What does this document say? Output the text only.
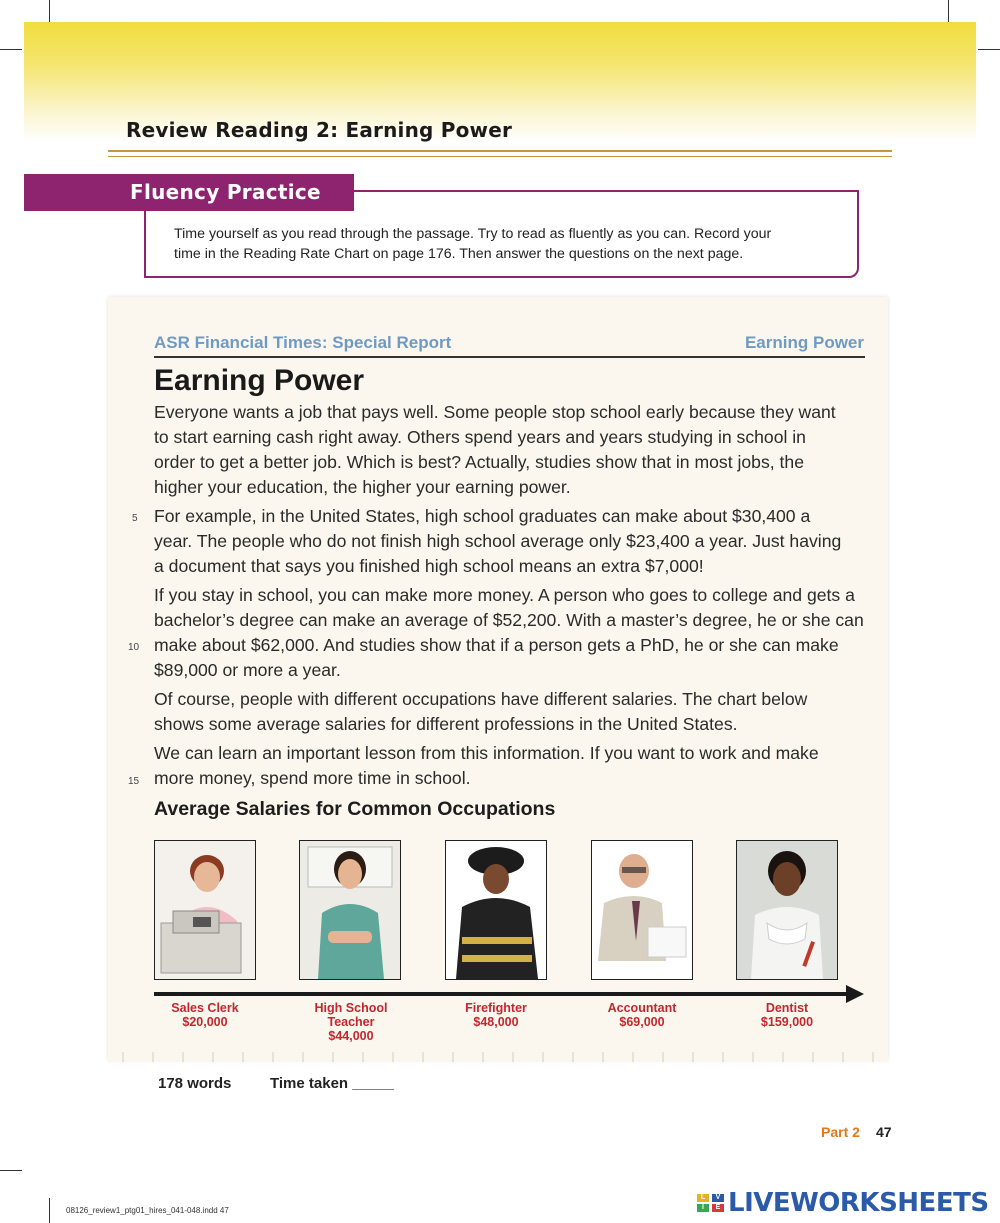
Review Reading 2: Earning Power
Fluency Practice
Time yourself as you read through the passage. Try to read as fluently as you can. Record your
time in the Reading Rate Chart on page 176. Then answer the questions on the next page.
ASR Financial Times: Special Report	Earning Power
Earning Power
Everyone wants a job that pays well. Some people stop school early because they want
to start earning cash right away. Others spend years and years studying in school in
order to get a better job. Which is best? Actually, studies show that in most jobs, the
higher your education, the higher your earning power.
For example, in the United States, high school graduates can make about $30,400 a
year. The people who do not finish high school average only $23,400 a year. Just having
a document that says you finished high school means an extra $7,000!
If you stay in school, you can make more money. A person who goes to college and gets a
bachelor’s degree can make an average of $52,200. With a master’s degree, he or she can
make about $62,000. And studies show that if a person gets a PhD, he or she can make
$89,000 or more a year.
Of course, people with different occupations have different salaries. The chart below
shows some average salaries for different professions in the United States.
We can learn an important lesson from this information. If you want to work and make
more money, spend more time in school.
5
10
15
Average Salaries for Common Occupations
Sales Clerk
$20,000
High School
Teacher
$44,000
Firefighter
$48,000
Accountant
$69,000
Dentist
$159,000
178 words	Time taken _____
Part 2 47
08126_review1_ptg01_hires_041-048.indd 47
L
I
V
E LIVEWORKSHEETS
